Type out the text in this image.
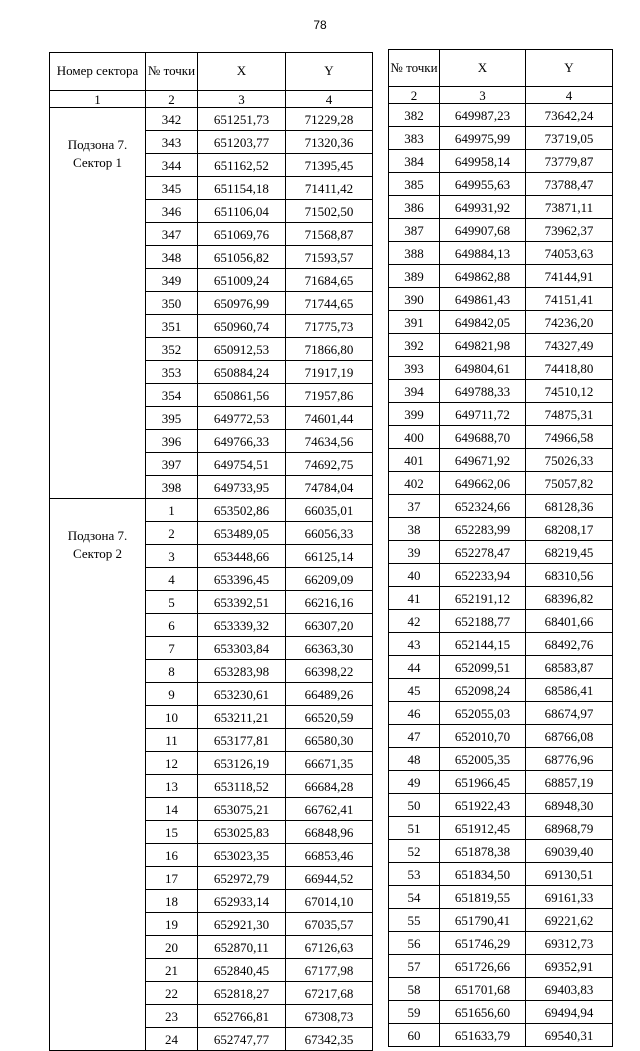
78
Номер сектора	№ точки	X	Y
1	2	3	4
Подзона 7. Сектор 1	342	651251,73	71229,28
	343	651203,77	71320,36
	344	651162,52	71395,45
	345	651154,18	71411,42
	346	651106,04	71502,50
	347	651069,76	71568,87
	348	651056,82	71593,57
	349	651009,24	71684,65
	350	650976,99	71744,65
	351	650960,74	71775,73
	352	650912,53	71866,80
	353	650884,24	71917,19
	354	650861,56	71957,86
	395	649772,53	74601,44
	396	649766,33	74634,56
	397	649754,51	74692,75
	398	649733,95	74784,04
Подзона 7. Сектор 2	1	653502,86	66035,01
	2	653489,05	66056,33
	3	653448,66	66125,14
	4	653396,45	66209,09
	5	653392,51	66216,16
	6	653339,32	66307,20
	7	653303,84	66363,30
	8	653283,98	66398,22
	9	653230,61	66489,26
	10	653211,21	66520,59
	11	653177,81	66580,30
	12	653126,19	66671,35
	13	653118,52	66684,28
	14	653075,21	66762,41
	15	653025,83	66848,96
	16	653023,35	66853,46
	17	652972,79	66944,52
	18	652933,14	67014,10
	19	652921,30	67035,57
	20	652870,11	67126,63
	21	652840,45	67177,98
	22	652818,27	67217,68
	23	652766,81	67308,73
	24	652747,77	67342,35
№ точки	X	Y
2	3	4
382	649987,23	73642,24
383	649975,99	73719,05
384	649958,14	73779,87
385	649955,63	73788,47
386	649931,92	73871,11
387	649907,68	73962,37
388	649884,13	74053,63
389	649862,88	74144,91
390	649861,43	74151,41
391	649842,05	74236,20
392	649821,98	74327,49
393	649804,61	74418,80
394	649788,33	74510,12
399	649711,72	74875,31
400	649688,70	74966,58
401	649671,92	75026,33
402	649662,06	75057,82
37	652324,66	68128,36
38	652283,99	68208,17
39	652278,47	68219,45
40	652233,94	68310,56
41	652191,12	68396,82
42	652188,77	68401,66
43	652144,15	68492,76
44	652099,51	68583,87
45	652098,24	68586,41
46	652055,03	68674,97
47	652010,70	68766,08
48	652005,35	68776,96
49	651966,45	68857,19
50	651922,43	68948,30
51	651912,45	68968,79
52	651878,38	69039,40
53	651834,50	69130,51
54	651819,55	69161,33
55	651790,41	69221,62
56	651746,29	69312,73
57	651726,66	69352,91
58	651701,68	69403,83
59	651656,60	69494,94
60	651633,79	69540,31
